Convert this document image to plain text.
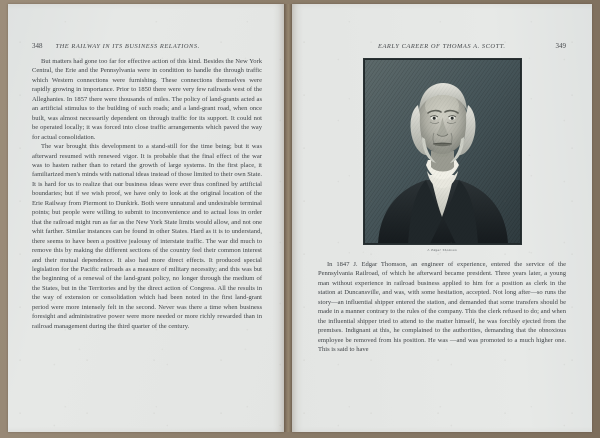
348 THE RAILWAY IN ITS BUSINESS RELATIONS.

But matters had gone too far for effective action of this kind. Besides the New York Central, the Erie and the Pennsylvania were in condition to handle the through traffic which Western connections were furnishing. These connections themselves were rapidly growing in importance. Prior to 1850 there were very few railroads west of the Alleghanies. In 1857 there were thousands of miles. The policy of land-grants acted as an artificial stimulus to the building of such roads; and a land-grant road, when once built, was almost necessarily dependent on through traffic for its support. It could not be operated locally; it was forced into close traffic arrangements which paved the way for actual consolidation.

The war brought this development to a stand-still for the time being; but it was afterward resumed with renewed vigor. It is probable that the final effect of the war was to hasten rather than to retard the growth of large systems. In the first place, it familiarized men's minds with national ideas instead of those limited to their own State. It is hard for us to realize that our business ideas were ever thus confined by artificial boundaries; but if we wish proof, we have only to look at the original location of the Erie Railway from Piermont to Dunkirk. Both were unnatural and undesirable terminal points; but people were willing to submit to inconvenience and to actual loss in order that the railroad might run as far as the New York State limits would allow, and not one whit farther. Similar instances can be found in other States. Hard as it is to understand, there seems to have been a positive jealousy of interstate traffic. The war did much to remove this by making the different sections of the country feel their common interest and their mutual dependence. It also had more direct effects. It produced special legislation for the Pacific railroads as a measure of military necessity; and this was but the beginning of a renewal of the land-grant policy, no longer through the medium of the States, but in the Territories and by the direct action of Congress. All the results in the way of extension or consolidation which had been noted in the first land-grant period were more intensely felt in the second. Never was there a time when business foresight and administrative power were more needed or more richly rewarded than in railroad management during the third quarter of the century.

EARLY CAREER OF THOMAS A. SCOTT.	349
J. Edgar Thomson

In 1847 J. Edgar Thomson, an engineer of experience, entered the service of the Pennsylvania Railroad, of which he afterward became president. Three years later, a young man without experience in railroad business applied to him for a position as clerk in the station at Duncansville, and was, with some hesitation, accepted. Not long after—so runs the story—an influential shipper entered the station, and demanded that some transfers should be made in a manner contrary to the rules of the company. This the clerk refused to do; and when the influential shipper tried to attend to the matter himself, he was forcibly ejected from the premises. Indignant at this, he complained to the authorities, demanding that the obnoxious employee be removed from his position. He was —and was promoted to a much higher one. This is said to have
